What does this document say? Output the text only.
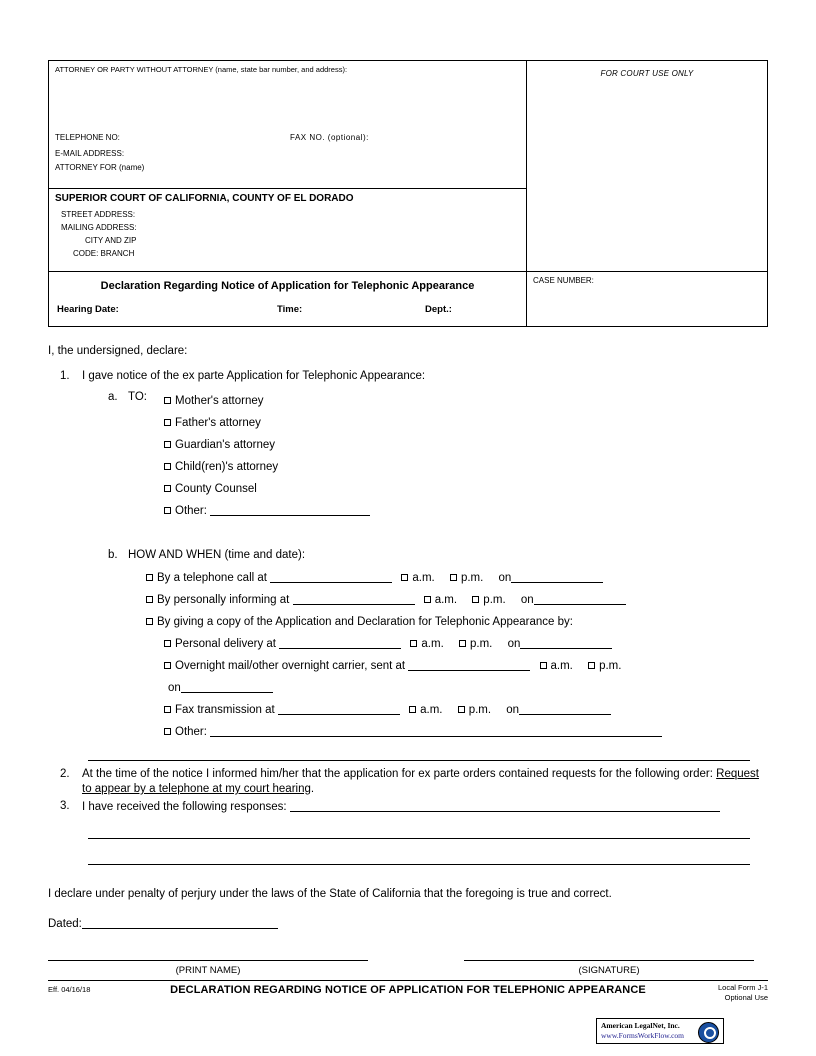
ATTORNEY OR PARTY WITHOUT ATTORNEY (name, state bar number, and address):
TELEPHONE NO:	FAX NO. (optional):
E-MAIL ADDRESS:
ATTORNEY FOR (name)
SUPERIOR COURT OF CALIFORNIA, COUNTY OF EL DORADO
STREET ADDRESS:
MAILING ADDRESS:
CITY AND ZIP
CODE: BRANCH
FOR COURT USE ONLY
Declaration Regarding Notice of Application for Telephonic Appearance
Hearing Date:	Time:	Dept.:
CASE NUMBER:
I, the undersigned, declare:
1.	I gave notice of the ex parte Application for Telephonic Appearance:
a. TO:	Mother's attorney
Father's attorney
Guardian's attorney
Child(ren)'s attorney
County Counsel
Other:
b. HOW AND WHEN (time and date):
By a telephone call at	a.m. p.m. on
By personally informing at	a.m. p.m. on
By giving a copy of the Application and Declaration for Telephonic Appearance by:
Personal delivery at	a.m. p.m. on
Overnight mail/other overnight carrier, sent at	a.m. p.m.
on
Fax transmission at	a.m. p.m. on
Other:
2.	At the time of the notice I informed him/her that the application for ex parte orders contained requests for the following order: Request to appear by a telephone at my court hearing.
3.	I have received the following responses:
I declare under penalty of perjury under the laws of the State of California that the foregoing is true and correct.
Dated:
(PRINT NAME)	(SIGNATURE)
Eff. 04/16/18	DECLARATION REGARDING NOTICE OF APPLICATION FOR TELEPHONIC APPEARANCE	Local Form J-1
Optional Use
American LegalNet, Inc.
www.FormsWorkFlow.com
